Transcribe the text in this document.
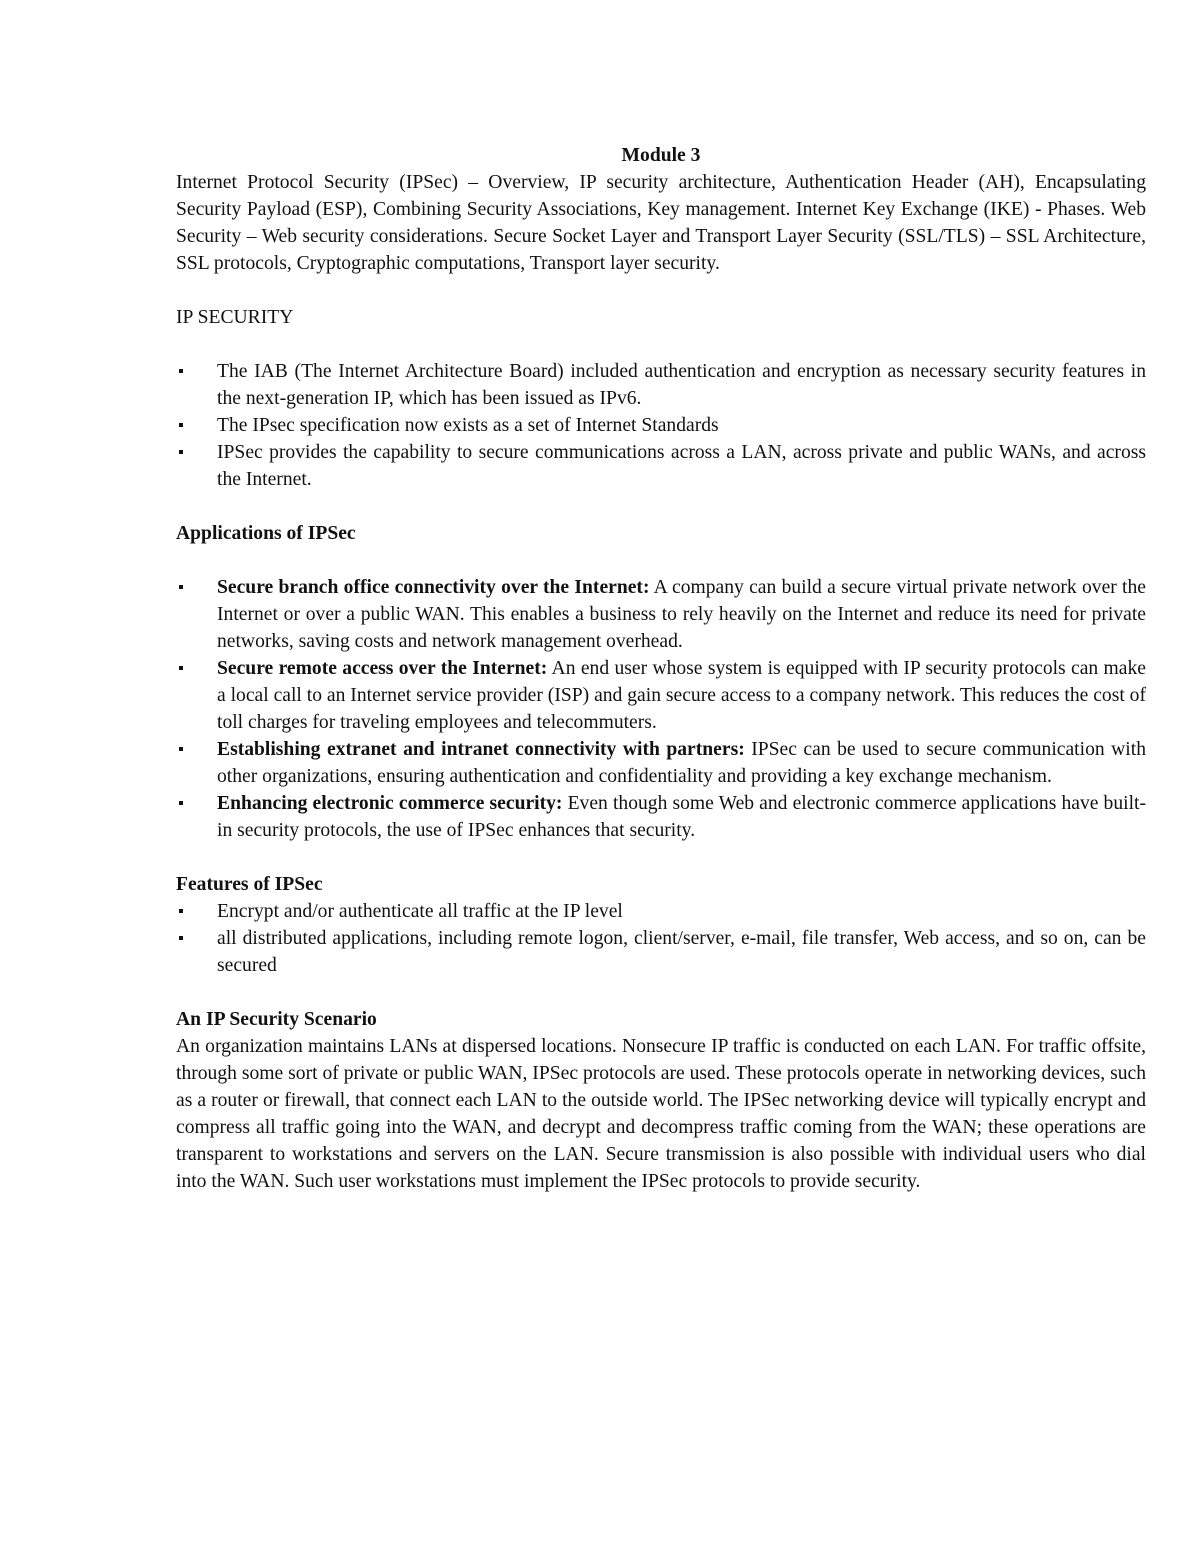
Module 3

Internet Protocol Security (IPSec) – Overview, IP security architecture, Authentication Header (AH), Encapsulating Security Payload (ESP), Combining Security Associations, Key management. Internet Key Exchange (IKE) - Phases. Web Security – Web security considerations. Secure Socket Layer and Transport Layer Security (SSL/TLS) – SSL Architecture, SSL protocols, Cryptographic computations, Transport layer security.

IP SECURITY

The IAB (The Internet Architecture Board) included authentication and encryption as necessary security features in the next-generation IP, which has been issued as IPv6.
The IPsec specification now exists as a set of Internet Standards
IPSec provides the capability to secure communications across a LAN, across private and public WANs, and across the Internet.

Applications of IPSec

Secure branch office connectivity over the Internet: A company can build a secure virtual private network over the Internet or over a public WAN. This enables a business to rely heavily on the Internet and reduce its need for private networks, saving costs and network management overhead.
Secure remote access over the Internet: An end user whose system is equipped with IP security protocols can make a local call to an Internet service provider (ISP) and gain secure access to a company network. This reduces the cost of toll charges for traveling employees and telecommuters.
Establishing extranet and intranet connectivity with partners: IPSec can be used to secure communication with other organizations, ensuring authentication and confidentiality and providing a key exchange mechanism.
Enhancing electronic commerce security: Even though some Web and electronic commerce applications have built-in security protocols, the use of IPSec enhances that security.

Features of IPSec

Encrypt and/or authenticate all traffic at the IP level
all distributed applications, including remote logon, client/server, e-mail, file transfer, Web access, and so on, can be secured

An IP Security Scenario

An organization maintains LANs at dispersed locations. Nonsecure IP traffic is conducted on each LAN. For traffic offsite, through some sort of private or public WAN, IPSec protocols are used. These protocols operate in networking devices, such as a router or firewall, that connect each LAN to the outside world. The IPSec networking device will typically encrypt and compress all traffic going into the WAN, and decrypt and decompress traffic coming from the WAN; these operations are transparent to workstations and servers on the LAN. Secure transmission is also possible with individual users who dial into the WAN. Such user workstations must implement the IPSec protocols to provide security.
